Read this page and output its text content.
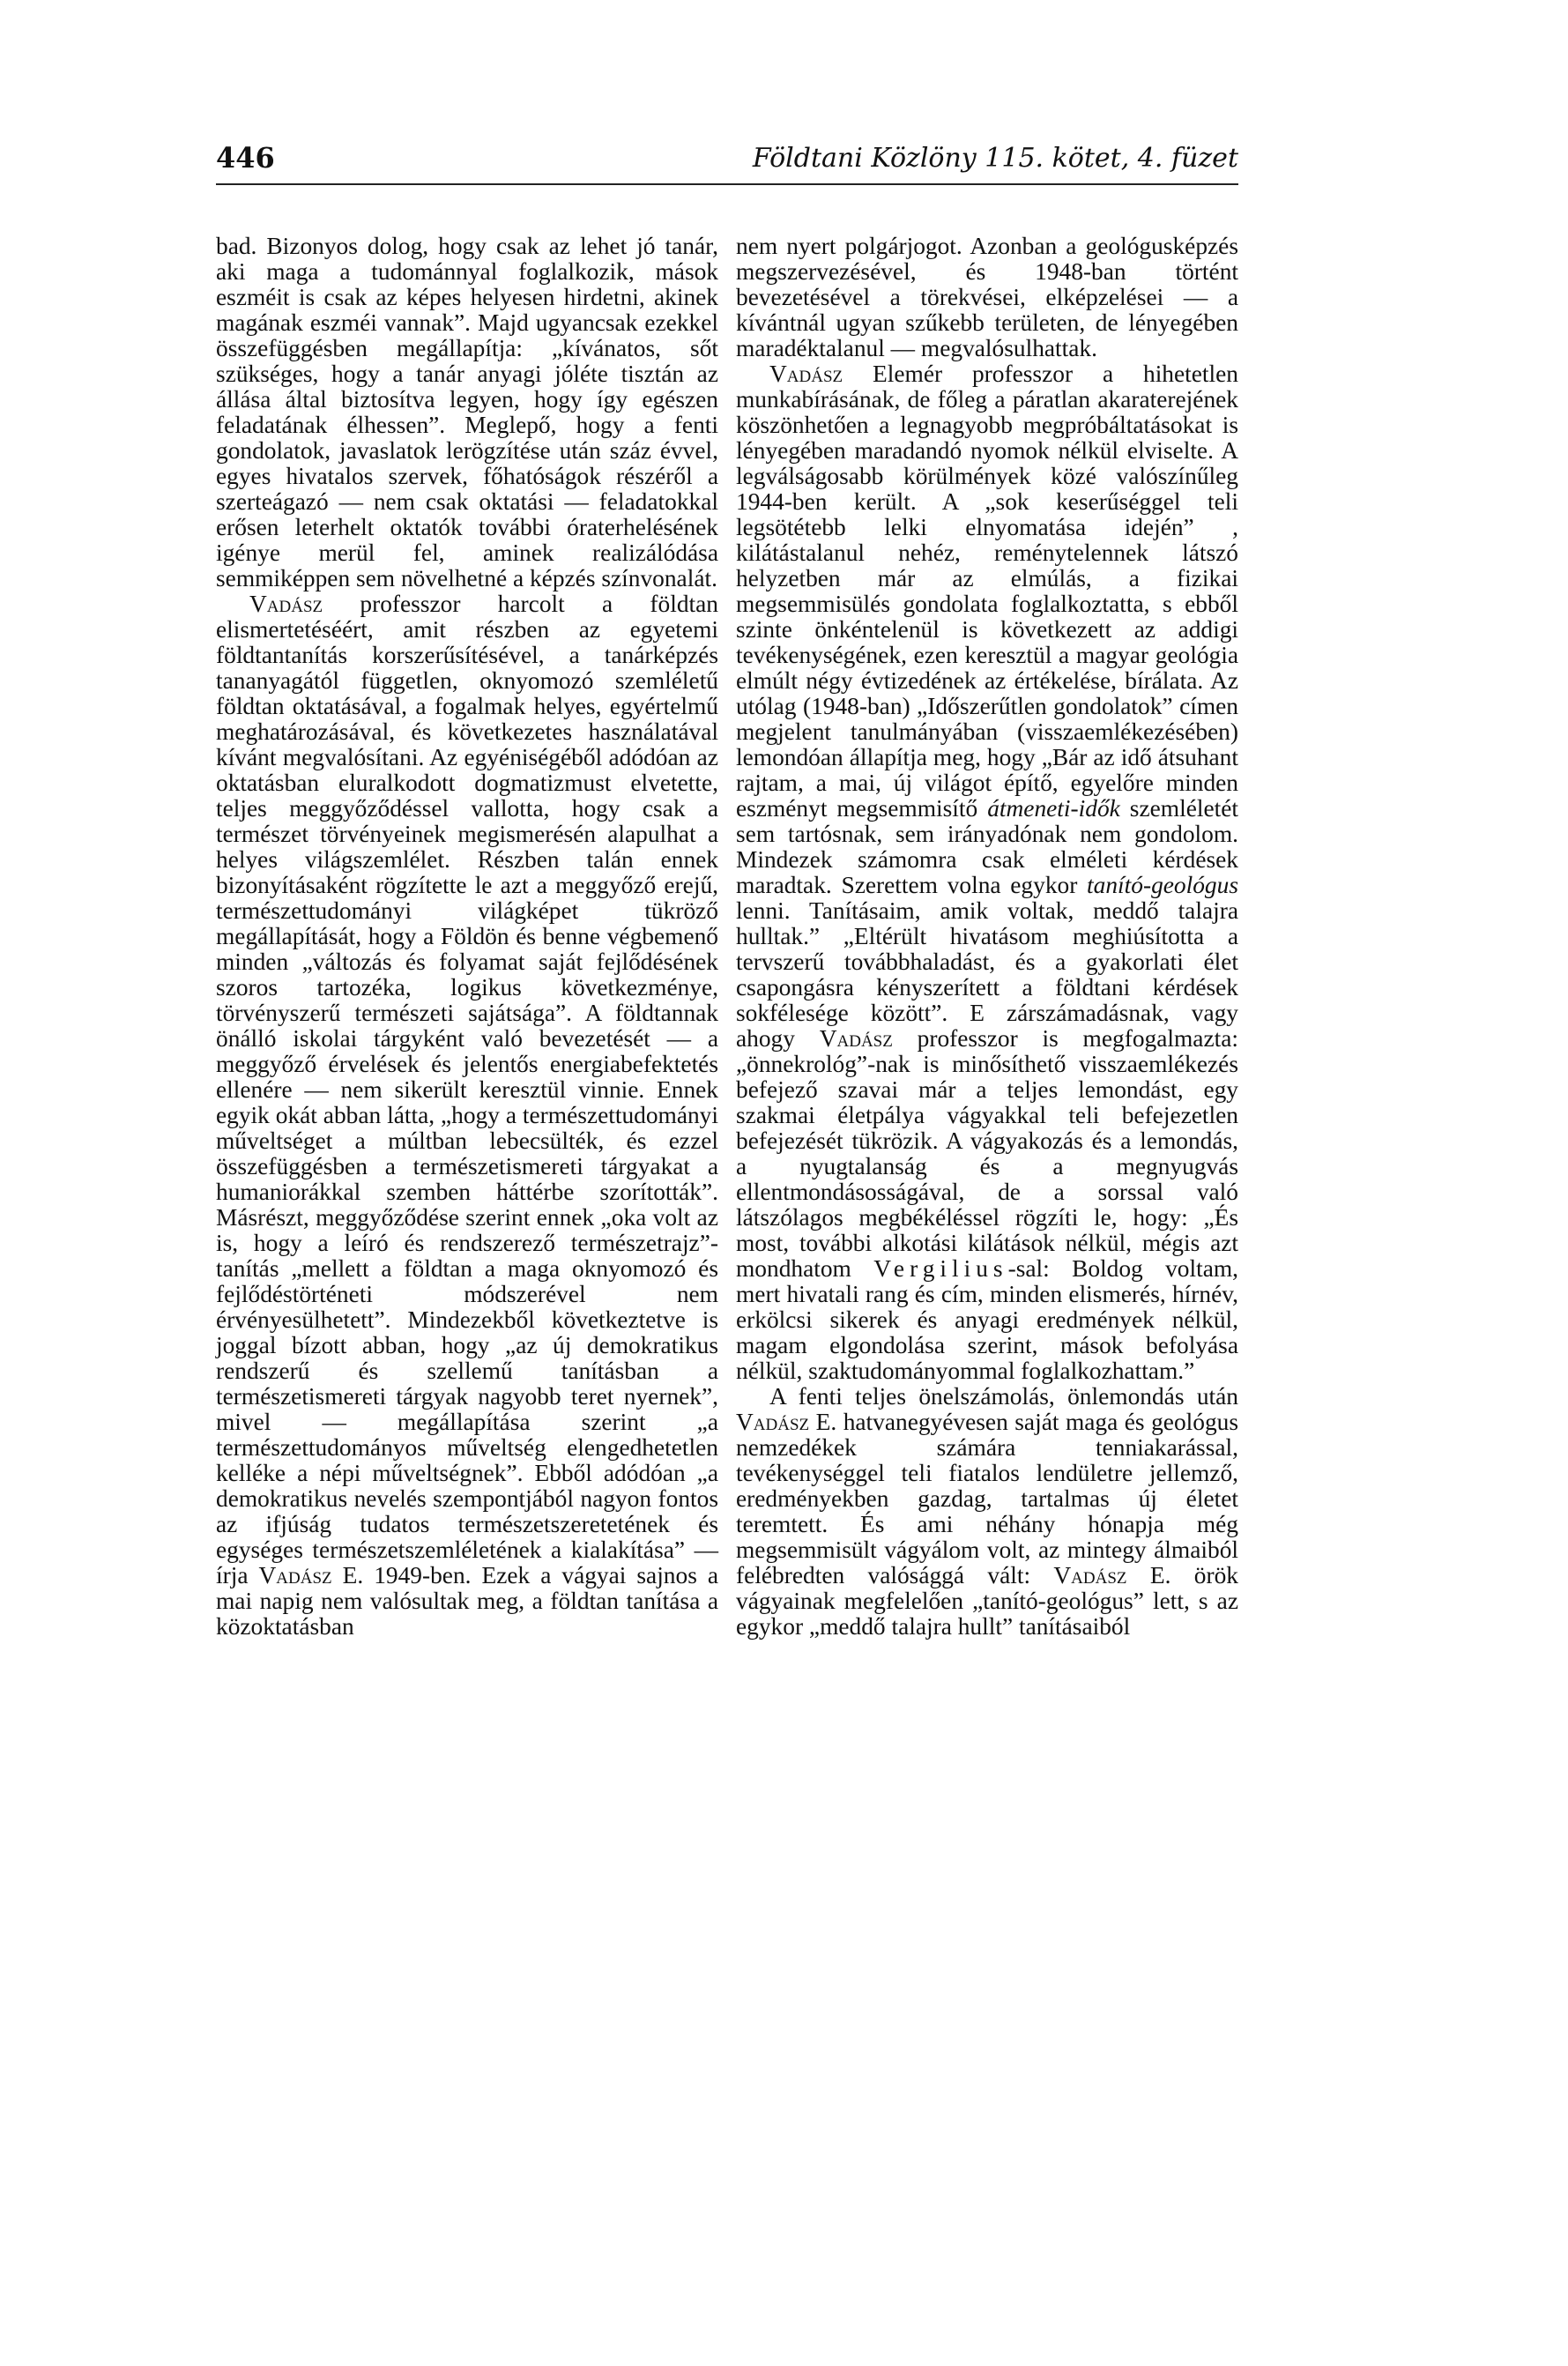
446	Földtani Közlöny 115. kötet, 4. füzet

bad. Bizonyos dolog, hogy csak az lehet jó tanár, aki maga a tudománnyal foglalkozik, mások eszméit is csak az képes helyesen hirdetni, akinek magának eszméi vannak”. Majd ugyancsak ezekkel összefüggésben megállapítja: „kívánatos, sőt szükséges, hogy a tanár anyagi jóléte tisztán az állása által biztosítva legyen, hogy így egészen feladatának élhessen”. Meglepő, hogy a fenti gondolatok, javaslatok lerögzítése után száz évvel, egyes hivatalos szervek, főhatóságok részéről a szerteágazó — nem csak oktatási — feladatokkal erősen leterhelt oktatók további óraterhelésének igénye merül fel, aminek realizálódása semmiképpen sem növelhetné a képzés színvonalát.

Vadász professzor harcolt a földtan elismertetéséért, amit részben az egyetemi földtantanítás korszerűsítésével, a tanárképzés tananyagától független, oknyomozó szemléletű földtan oktatásával, a fogalmak helyes, egyértelmű meghatározásával, és következetes használatával kívánt megvalósítani. Az egyéniségéből adódóan az oktatásban eluralkodott dogmatizmust elvetette, teljes meggyőződéssel vallotta, hogy csak a természet törvényeinek megismerésén alapulhat a helyes világszemlélet. Részben talán ennek bizonyításaként rögzítette le azt a meggyőző erejű, természettudományi világképet tükröző megállapítását, hogy a Földön és benne végbemenő minden „változás és folyamat saját fejlődésének szoros tartozéka, logikus következménye, törvényszerű természeti sajátsága”. A földtannak önálló iskolai tárgyként való bevezetését — a meggyőző érvelések és jelentős energiabefektetés ellenére — nem sikerült keresztül vinnie. Ennek egyik okát abban látta, „hogy a természettudományi műveltséget a múltban lebecsülték, és ezzel összefüggésben a természetismereti tárgyakat a humaniorákkal szemben háttérbe szorították”. Másrészt, meggyőződése szerint ennek „oka volt az is, hogy a leíró és rendszerező természetrajz”-tanítás „mellett a földtan a maga oknyomozó és fejlődéstörténeti módszerével nem érvényesülhetett”. Mindezekből következtetve is joggal bízott abban, hogy „az új demokratikus rendszerű és szellemű tanításban a természetismereti tárgyak nagyobb teret nyernek”, mivel — megállapítása szerint „a természettudományos műveltség elengedhetetlen kelléke a népi műveltségnek”. Ebből adódóan „a demokratikus nevelés szempontjából nagyon fontos az ifjúság tudatos természetszeretetének és egységes természetszemléletének a kialakítása” — írja Vadász E. 1949-ben. Ezek a vágyai sajnos a mai napig nem valósultak meg, a földtan tanítása a közoktatásban

nem nyert polgárjogot. Azonban a geológusképzés megszervezésével, és 1948-ban történt bevezetésével a törekvései, elképzelései — a kívántnál ugyan szűkebb területen, de lényegében maradéktalanul — megvalósulhattak.

Vadász Elemér professzor a hihetetlen munkabírásának, de főleg a páratlan akaraterejének köszönhetően a legnagyobb megpróbáltatásokat is lényegében maradandó nyomok nélkül elviselte. A legválságosabb körülmények közé valószínűleg 1944-ben került. A „sok keserűséggel teli legsötétebb lelki elnyomatása idején” , kilátástalanul nehéz, reménytelennek látszó helyzetben már az elmúlás, a fizikai megsemmisülés gondolata foglalkoztatta, s ebből szinte önkéntelenül is következett az addigi tevékenységének, ezen keresztül a magyar geológia elmúlt négy évtizedének az értékelése, bírálata. Az utólag (1948-ban) „Időszerűtlen gondolatok” címen megjelent tanulmányában (visszaemlékezésében) lemondóan állapítja meg, hogy „Bár az idő átsuhant rajtam, a mai, új világot építő, egyelőre minden eszményt megsemmisítő átmeneti-idők szemléletét sem tartósnak, sem irányadónak nem gondolom. Mindezek számomra csak elméleti kérdések maradtak. Szerettem volna egykor tanító-geológus lenni. Tanításaim, amik voltak, meddő talajra hulltak.” „Eltérült hivatásom meghiúsította a tervszerű továbbhaladást, és a gyakorlati élet csapongásra kényszerített a földtani kérdések sokfélesége között”. E zárszámadásnak, vagy ahogy Vadász professzor is megfogalmazta: „önnekrológ”-nak is minősíthető visszaemlékezés befejező szavai már a teljes lemondást, egy szakmai életpálya vágyakkal teli befejezetlen befejezését tükrözik. A vágyakozás és a lemondás, a nyugtalanság és a megnyugvás ellentmondásosságával, de a sorssal való látszólagos megbékéléssel rögzíti le, hogy: „És most, további alkotási kilátások nélkül, mégis azt mondhatom Vergilius-sal: Boldog voltam, mert hivatali rang és cím, minden elismerés, hírnév, erkölcsi sikerek és anyagi eredmények nélkül, magam elgondolása szerint, mások befolyása nélkül, szaktudományommal foglalkozhattam.”

A fenti teljes önelszámolás, önlemondás után Vadász E. hatvanegyévesen saját maga és geológus nemzedékek számára tenniakarással, tevékenységgel teli fiatalos lendületre jellemző, eredményekben gazdag, tartalmas új életet teremtett. És ami néhány hónapja még megsemmisült vágyálom volt, az mintegy álmaiból felébredten valósággá vált: Vadász E. örök vágyainak megfelelően „tanító-geológus” lett, s az egykor „meddő talajra hullt” tanításaiból
